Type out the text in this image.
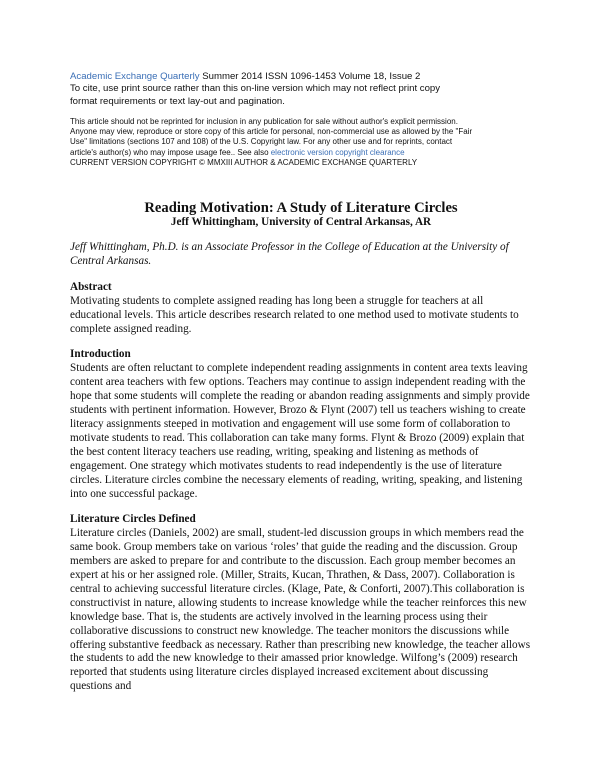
Academic Exchange Quarterly Summer 2014 ISSN 1096-1453 Volume 18, Issue 2
To cite, use print source rather than this on-line version which may not reflect print copy
format requirements or text lay-out and pagination.
This article should not be reprinted for inclusion in any publication for sale without author's explicit permission.
Anyone may view, reproduce or store copy of this article for personal, non-commercial use as allowed by the "Fair
Use" limitations (sections 107 and 108) of the U.S. Copyright law. For any other use and for reprints, contact
article's author(s) who may impose usage fee.. See also electronic version copyright clearance
CURRENT VERSION COPYRIGHT © MMXIII AUTHOR & ACADEMIC EXCHANGE QUARTERLY

Reading Motivation: A Study of Literature Circles

Jeff Whittingham, University of Central Arkansas, AR

Jeff Whittingham, Ph.D. is an Associate Professor in the College of Education at the University of Central Arkansas.

Abstract

Motivating students to complete assigned reading has long been a struggle for teachers at all educational levels. This article describes research related to one method used to motivate students to complete assigned reading.

Introduction

Students are often reluctant to complete independent reading assignments in content area texts leaving content area teachers with few options. Teachers may continue to assign independent reading with the hope that some students will complete the reading or abandon reading assignments and simply provide students with pertinent information. However, Brozo & Flynt (2007) tell us teachers wishing to create literacy assignments steeped in motivation and engagement will use some form of collaboration to motivate students to read. This collaboration can take many forms. Flynt & Brozo (2009) explain that the best content literacy teachers use reading, writing, speaking and listening as methods of engagement. One strategy which motivates students to read independently is the use of literature circles. Literature circles combine the necessary elements of reading, writing, speaking, and listening into one successful package.

Literature Circles Defined

Literature circles (Daniels, 2002) are small, student-led discussion groups in which members read the same book. Group members take on various ‘roles’ that guide the reading and the discussion. Group members are asked to prepare for and contribute to the discussion. Each group member becomes an expert at his or her assigned role. (Miller, Straits, Kucan, Thrathen, & Dass, 2007). Collaboration is central to achieving successful literature circles. (Klage, Pate, & Conforti, 2007).This collaboration is constructivist in nature, allowing students to increase knowledge while the teacher reinforces this new knowledge base. That is, the students are actively involved in the learning process using their collaborative discussions to construct new knowledge. The teacher monitors the discussions while offering substantive feedback as necessary. Rather than prescribing new knowledge, the teacher allows the students to add the new knowledge to their amassed prior knowledge. Wilfong’s (2009) research reported that students using literature circles displayed increased excitement about discussing questions and
